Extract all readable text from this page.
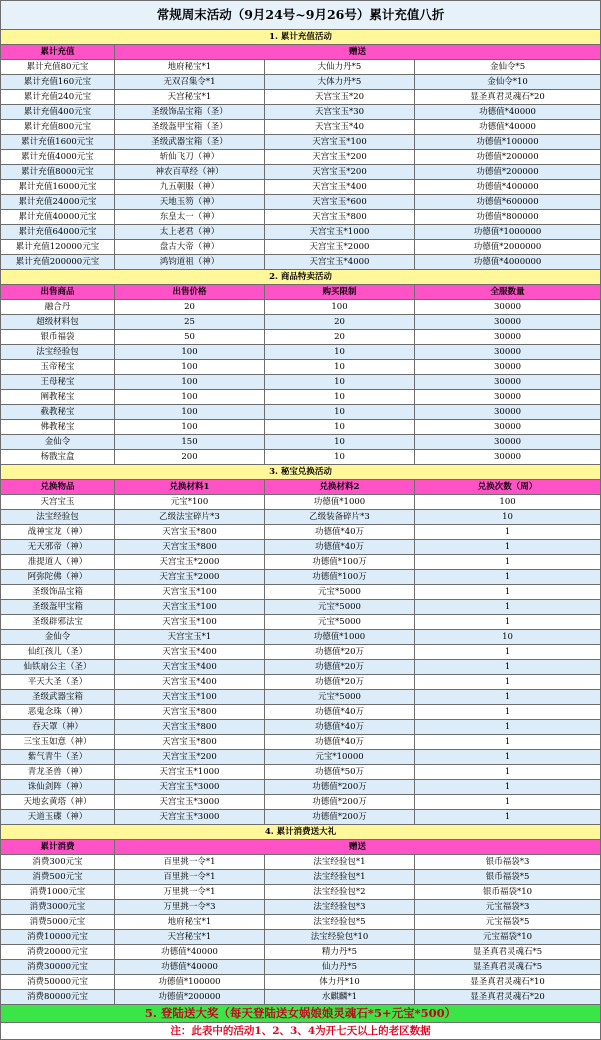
常规周末活动（9月24号~9月26号）累计充值八折			
1. 累计充值活动			
累计充值	赠送		
累计充值80元宝	地府秘宝*1	大仙力丹*5	金仙令*5
累计充值160元宝	无双召集令*1	大体力丹*5	金仙令*10
累计充值240元宝	天宫秘宝*1	天宫宝玉*20	显圣真君灵魂石*20
累计充值400元宝	圣级饰品宝箱（圣）	天宫宝玉*30	功德值*40000
累计充值800元宝	圣级盔甲宝箱（圣）	天宫宝玉*40	功德值*40000
累计充值1600元宝	圣级武器宝箱（圣）	天宫宝玉*100	功德值*100000
累计充值4000元宝	斩仙飞刀（神）	天宫宝玉*200	功德值*200000
累计充值8000元宝	神农百草经（神）	天宫宝玉*200	功德值*200000
累计充值16000元宝	九五朝服（神）	天宫宝玉*400	功德值*400000
累计充值24000元宝	天地玉笏（神）	天宫宝玉*600	功德值*600000
累计充值40000元宝	东皇太一（神）	天宫宝玉*800	功德值*800000
累计充值64000元宝	太上老君（神）	天宫宝玉*1000	功德值*1000000
累计充值120000元宝	盘古大帝（神）	天宫宝玉*2000	功德值*2000000
累计充值200000元宝	鸿钧道祖（神）	天宫宝玉*4000	功德值*4000000
2. 商品特卖活动			
出售商品	出售价格	购买限制	全服数量
融合丹	20	100	30000
超级材料包	25	20	30000
银币福袋	50	20	30000
法宝经验包	100	10	30000
玉帝秘宝	100	10	30000
王母秘宝	100	10	30000
阐教秘宝	100	10	30000
截教秘宝	100	10	30000
佛教秘宝	100	10	30000
金仙令	150	10	30000
杨戬宝盒	200	10	30000
3. 秘宝兑换活动			
兑换物品	兑换材料1	兑换材料2	兑换次数（周）
天宫宝玉	元宝*100	功德值*1000	100
法宝经验包	乙级法宝碎片*3	乙级装备碎片*3	10
战神宝龙（神）	天宫宝玉*800	功德值*40万	1
无天邪帝（神）	天宫宝玉*800	功德值*40万	1
准提道人（神）	天宫宝玉*2000	功德值*100万	1
阿弥陀佛（神）	天宫宝玉*2000	功德值*100万	1
圣级饰品宝箱	天宫宝玉*100	元宝*5000	1
圣级盔甲宝箱	天宫宝玉*100	元宝*5000	1
圣级辟邪法宝	天宫宝玉*100	元宝*5000	1
金仙令	天宫宝玉*1	功德值*1000	10
仙红孩儿（圣）	天宫宝玉*400	功德值*20万	1
仙铁扇公主（圣）	天宫宝玉*400	功德值*20万	1
平天大圣（圣）	天宫宝玉*400	功德值*20万	1
圣级武器宝箱	天宫宝玉*100	元宝*5000	1
恶鬼念珠（神）	天宫宝玉*800	功德值*40万	1
吞天罩（神）	天宫宝玉*800	功德值*40万	1
三宝玉如意（神）	天宫宝玉*800	功德值*40万	1
紫气青牛（圣）	天宫宝玉*200	元宝*10000	1
青龙圣兽（神）	天宫宝玉*1000	功德值*50万	1
诛仙剑阵（神）	天宫宝玉*3000	功德值*200万	1
天地玄黄塔（神）	天宫宝玉*3000	功德值*200万	1
天道玉碟（神）	天宫宝玉*3000	功德值*200万	1
4. 累计消费送大礼			
累计消费	赠送		
消费300元宝	百里挑一令*1	法宝经验包*1	银币福袋*3
消费500元宝	百里挑一令*1	法宝经验包*1	银币福袋*5
消费1000元宝	万里挑一令*1	法宝经验包*2	银币福袋*10
消费3000元宝	万里挑一令*3	法宝经验包*3	元宝福袋*3
消费5000元宝	地府秘宝*1	法宝经验包*5	元宝福袋*5
消费10000元宝	天宫秘宝*1	法宝经验包*10	元宝福袋*10
消费20000元宝	功德值*40000	精力丹*5	显圣真君灵魂石*5
消费30000元宝	功德值*40000	仙力丹*5	显圣真君灵魂石*5
消费50000元宝	功德值*100000	体力丹*10	显圣真君灵魂石*10
消费80000元宝	功德值*200000	水麒麟*1	显圣真君灵魂石*20
5. 登陆送大奖（每天登陆送女娲娘娘灵魂石*5+元宝*500）			
注：此表中的活动1、2、3、4为开七天以上的老区数据			
